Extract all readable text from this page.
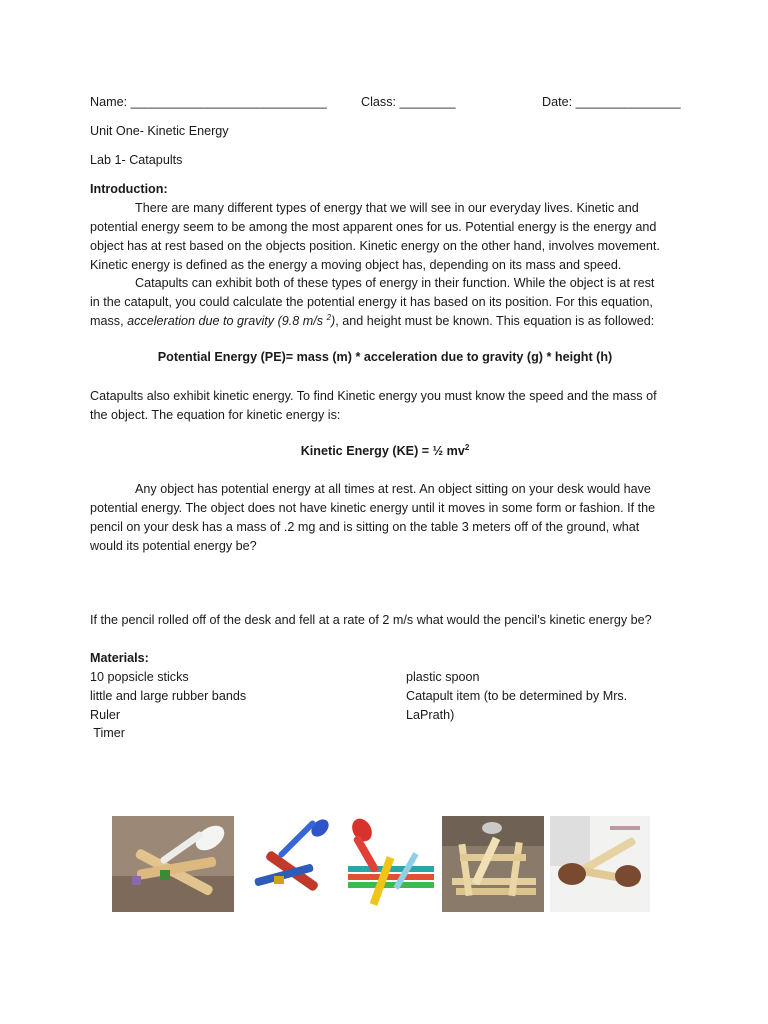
Name: ____________________________	Class: ________	Date: _______________
Unit One- Kinetic Energy
Lab 1- Catapults
Introduction:
There are many different types of energy that we will see in our everyday lives. Kinetic and
potential energy seem to be among the most apparent ones for us. Potential energy is the energy and
object has at rest based on the objects position. Kinetic energy on the other hand, involves movement.
Kinetic energy is defined as the energy a moving object has, depending on its mass and speed.
Catapults can exhibit both of these types of energy in their function. While the object is at rest
in the catapult, you could calculate the potential energy it has based on its position. For this equation,
mass, acceleration due to gravity (9.8 m/s $^2$), and height must be known. This equation is as followed:
Potential Energy (PE)= mass (m) * acceleration due to gravity (g) * height (h)
Catapults also exhibit kinetic energy. To find Kinetic energy you must know the speed and the mass of
the object. The equation for kinetic energy is:
Kinetic Energy (KE) = ½ $mv^2$
Any object has potential energy at all times at rest. An object sitting on your desk would have
potential energy. The object does not have kinetic energy until it moves in some form or fashion. If the
pencil on your desk has a mass of .2 mg and is sitting on the table 3 meters off of the ground, what
would its potential energy be?
If the pencil rolled off of the desk and fell at a rate of 2 m/s what would the pencil’s kinetic energy be?
Materials:
10 popsicle sticks
little and large rubber bands
Ruler
Timer
plastic spoon
Catapult item (to be determined by Mrs.
LaPrath)
